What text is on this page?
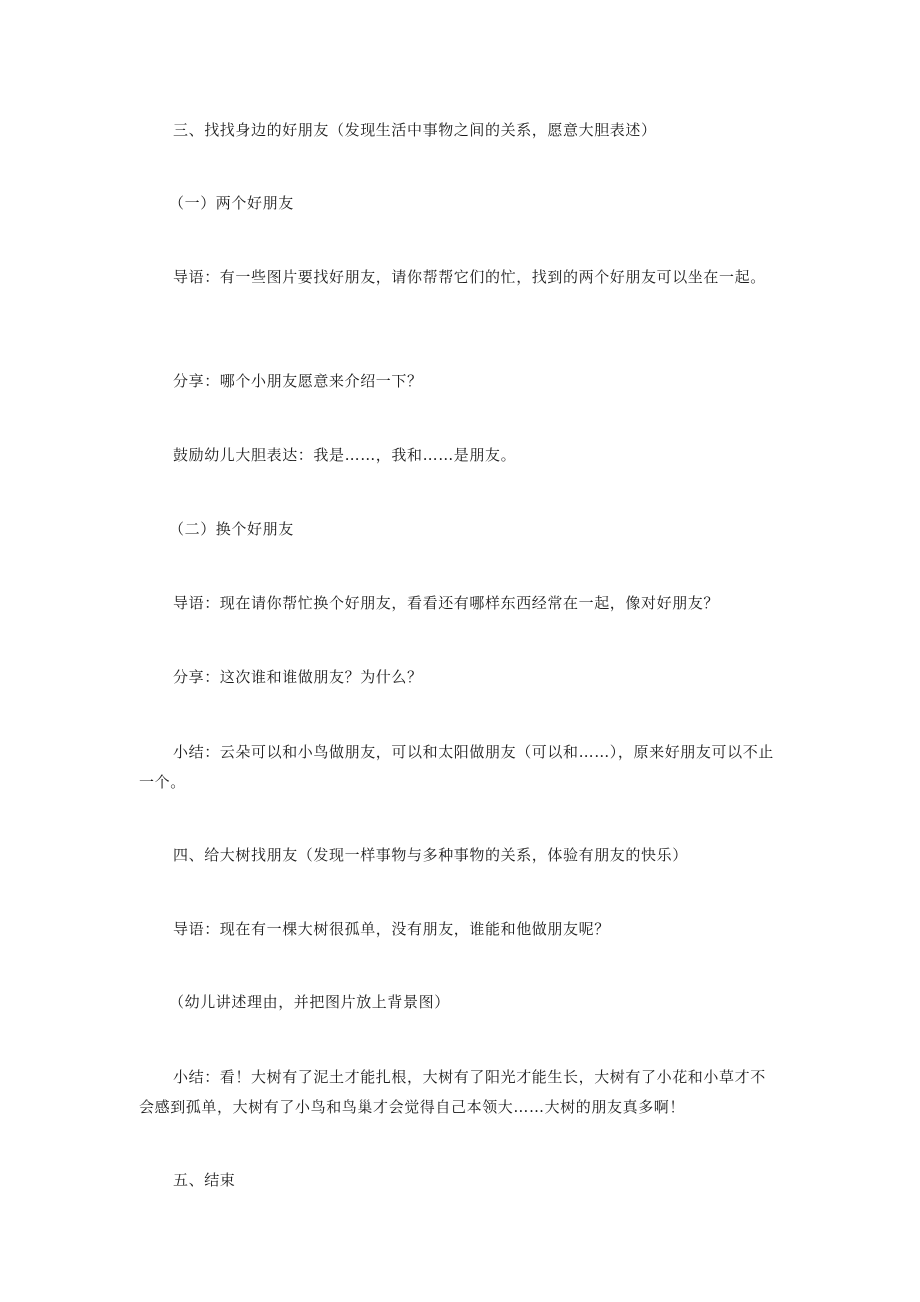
三、找找身边的好朋友（发现生活中事物之间的关系，愿意大胆表述）

（一）两个好朋友

导语：有一些图片要找好朋友，请你帮帮它们的忙，找到的两个好朋友可以坐在一起。

分享：哪个小朋友愿意来介绍一下？

鼓励幼儿大胆表达：我是……，我和……是朋友。

（二）换个好朋友

导语：现在请你帮忙换个好朋友，看看还有哪样东西经常在一起，像对好朋友？

分享：这次谁和谁做朋友？为什么？

小结：云朵可以和小鸟做朋友，可以和太阳做朋友（可以和……），原来好朋友可以不止一个。

四、给大树找朋友（发现一样事物与多种事物的关系，体验有朋友的快乐）

导语：现在有一棵大树很孤单，没有朋友，谁能和他做朋友呢？

（幼儿讲述理由，并把图片放上背景图）

小结：看！大树有了泥土才能扎根，大树有了阳光才能生长，大树有了小花和小草才不会感到孤单，大树有了小鸟和鸟巢才会觉得自己本领大……大树的朋友真多啊！

五、结束
